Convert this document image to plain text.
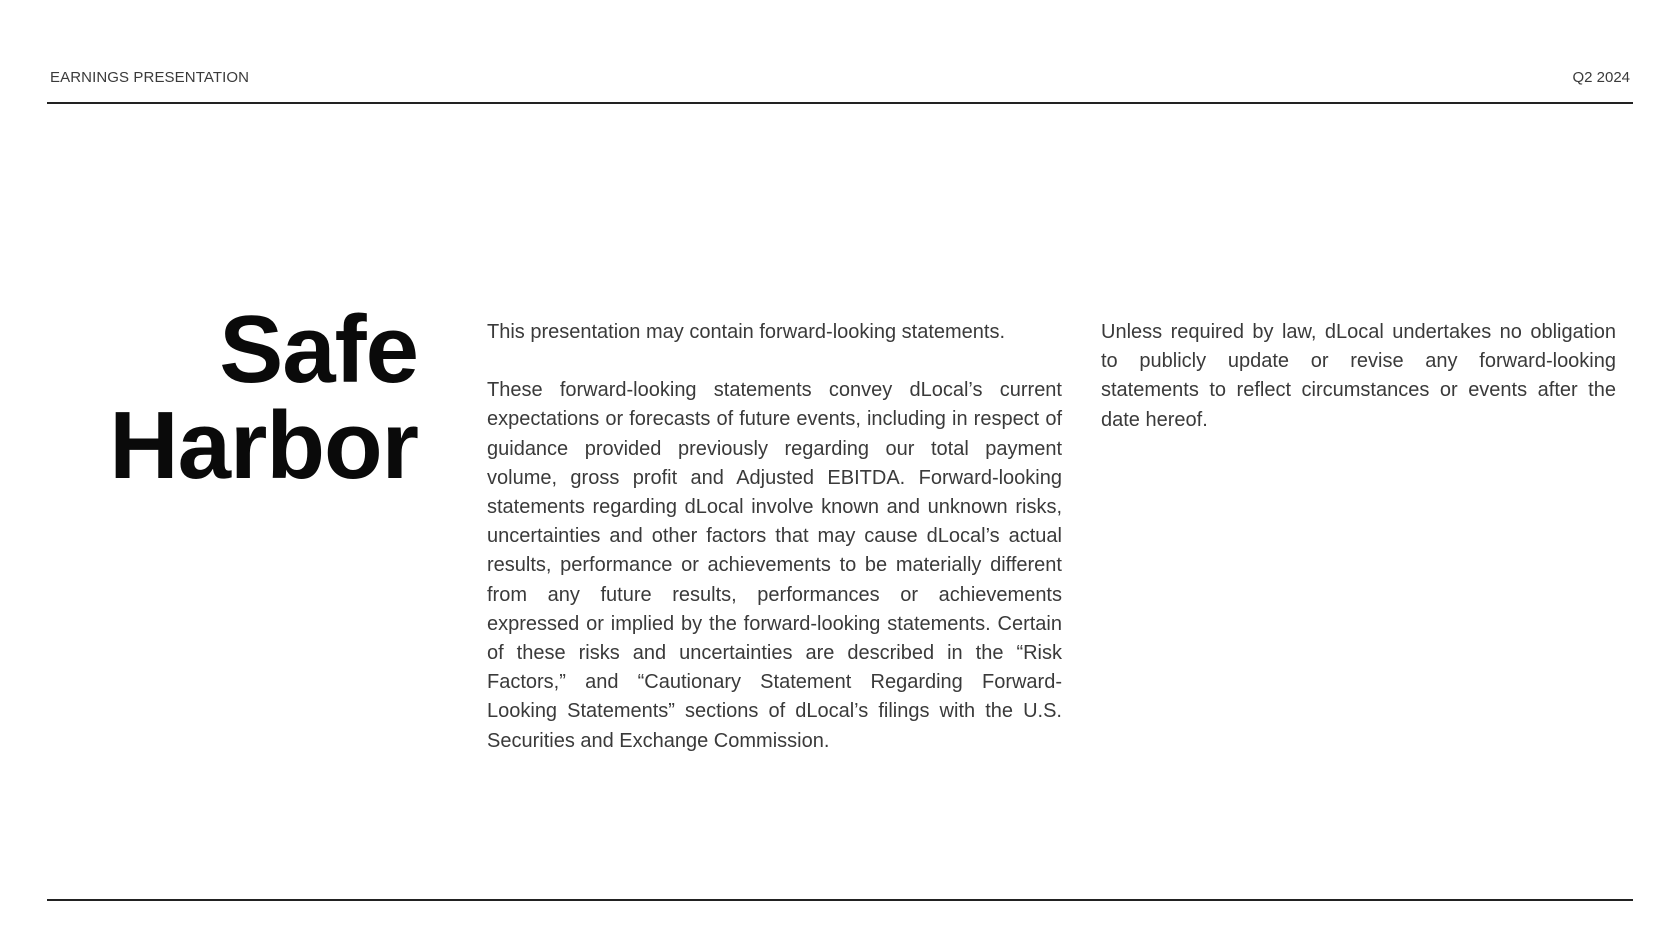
EARNINGS PRESENTATION	Q2 2024
Safe
Harbor

This presentation may contain forward-looking statements.

These forward-looking statements convey dLocal’s current expectations or forecasts of future events, including in respect of guidance provided previously regarding our total payment volume, gross profit and Adjusted EBITDA. Forward-looking statements regarding dLocal involve known and unknown risks, uncertainties and other factors that may cause dLocal’s actual results, performance or achievements to be materially different from any future results, performances or achievements expressed or implied by the forward-looking statements. Certain of these risks and uncertainties are described in the “Risk Factors,” and “Cautionary Statement Regarding Forward-Looking Statements” sections of dLocal’s filings with the U.S. Securities and Exchange Commission.

Unless required by law, dLocal undertakes no obligation to publicly update or revise any forward-looking statements to reflect circumstances or events after the date hereof.
